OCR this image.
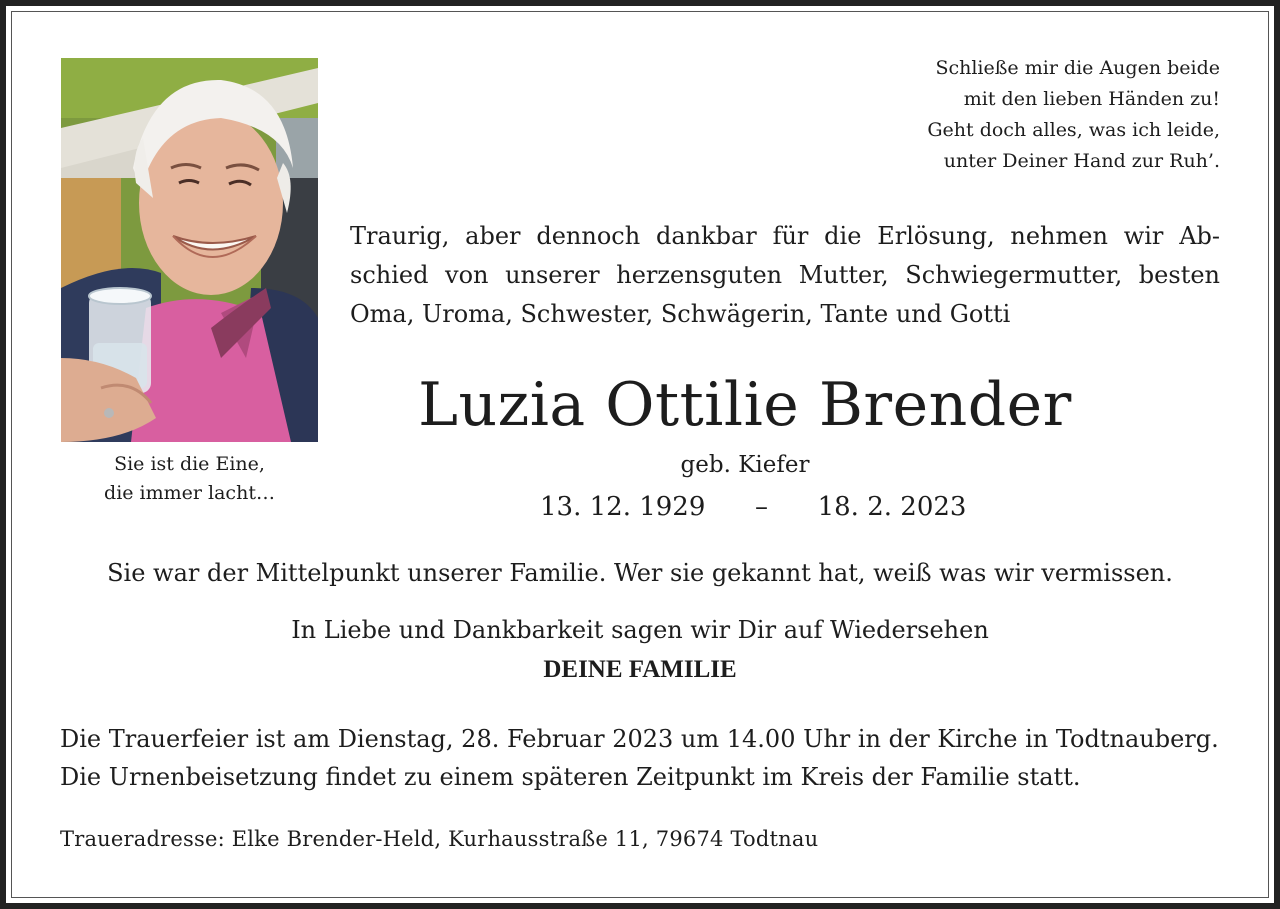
Sie ist die Eine,
die immer lacht…
Schließe mir die Augen beide
mit den lieben Händen zu!
Geht doch alles, was ich leide,
unter Deiner Hand zur Ruh’.
Traurig, aber dennoch dankbar für die Erlösung, nehmen wir Ab-
schied von unserer herzensguten Mutter, Schwiegermutter, besten
Oma, Uroma, Schwester, Schwägerin, Tante und Gotti
Luzia Ottilie Brender
geb. Kiefer
13. 12. 1929 – 18. 2. 2023
Sie war der Mittelpunkt unserer Familie. Wer sie gekannt hat, weiß was wir vermissen.
In Liebe und Dankbarkeit sagen wir Dir auf Wiedersehen
DEINE FAMILIE
Die Trauerfeier ist am Dienstag, 28. Februar 2023 um 14.00 Uhr in der Kirche in Todtnauberg.
Die Urnenbeisetzung findet zu einem späteren Zeitpunkt im Kreis der Familie statt.
Traueradresse: Elke Brender-Held, Kurhausstraße 11, 79674 Todtnau
